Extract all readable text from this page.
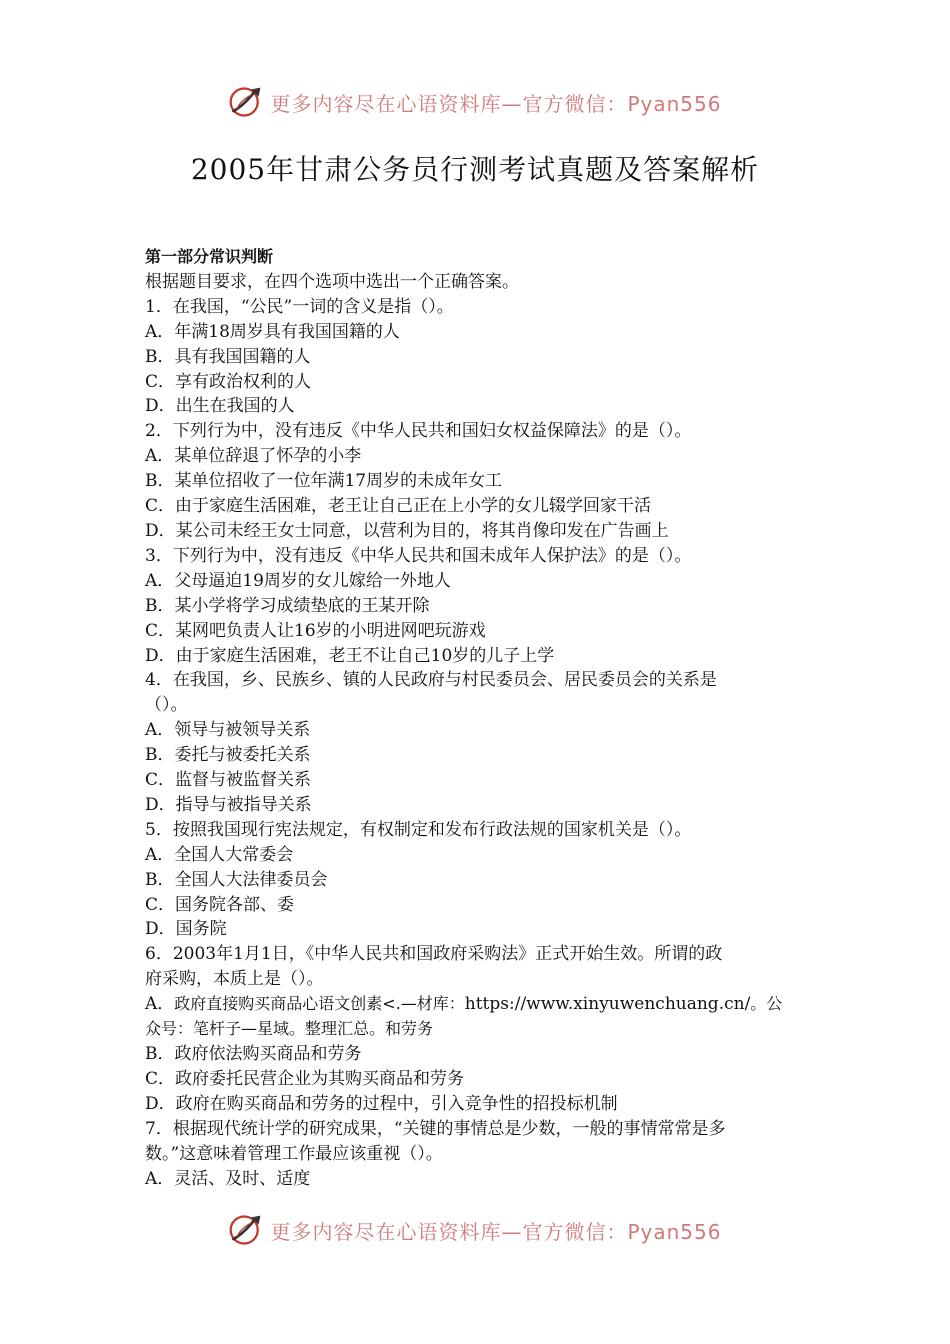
更多内容尽在心语资料库—官方微信：Pyan556
2005年甘肃公务员行测考试真题及答案解析
第一部分常识判断
根据题目要求，在四个选项中选出一个正确答案。
1．在我国，“公民”一词的含义是指（）。
A．年满18周岁具有我国国籍的人
B．具有我国国籍的人
C．享有政治权利的人
D．出生在我国的人
2．下列行为中，没有违反《中华人民共和国妇女权益保障法》的是（）。
A．某单位辞退了怀孕的小李
B．某单位招收了一位年满17周岁的未成年女工
C．由于家庭生活困难，老王让自己正在上小学的女儿辍学回家干活
D．某公司未经王女士同意，以营利为目的，将其肖像印发在广告画上
3．下列行为中，没有违反《中华人民共和国未成年人保护法》的是（）。
A．父母逼迫19周岁的女儿嫁给一外地人
B．某小学将学习成绩垫底的王某开除
C．某网吧负责人让16岁的小明进网吧玩游戏
D．由于家庭生活困难，老王不让自己10岁的儿子上学
4．在我国，乡、民族乡、镇的人民政府与村民委员会、居民委员会的关系是
（）。
A．领导与被领导关系
B．委托与被委托关系
C．监督与被监督关系
D．指导与被指导关系
5．按照我国现行宪法规定，有权制定和发布行政法规的国家机关是（）。
A．全国人大常委会
B．全国人大法律委员会
C．国务院各部、委
D．国务院
6．2003年1月1日，《中华人民共和国政府采购法》正式开始生效。所谓的政
府采购，本质上是（）。
A．政府直接购买商品心语文创素<.—材库：https://www.xinyuwenchuang.cn/。公
众号：笔杆子—星域。整理汇总。和劳务
B．政府依法购买商品和劳务
C．政府委托民营企业为其购买商品和劳务
D．政府在购买商品和劳务的过程中，引入竞争性的招投标机制
7．根据现代统计学的研究成果，“关键的事情总是少数，一般的事情常常是多
数。”这意味着管理工作最应该重视（）。
A．灵活、及时、适度
更多内容尽在心语资料库—官方微信：Pyan556
